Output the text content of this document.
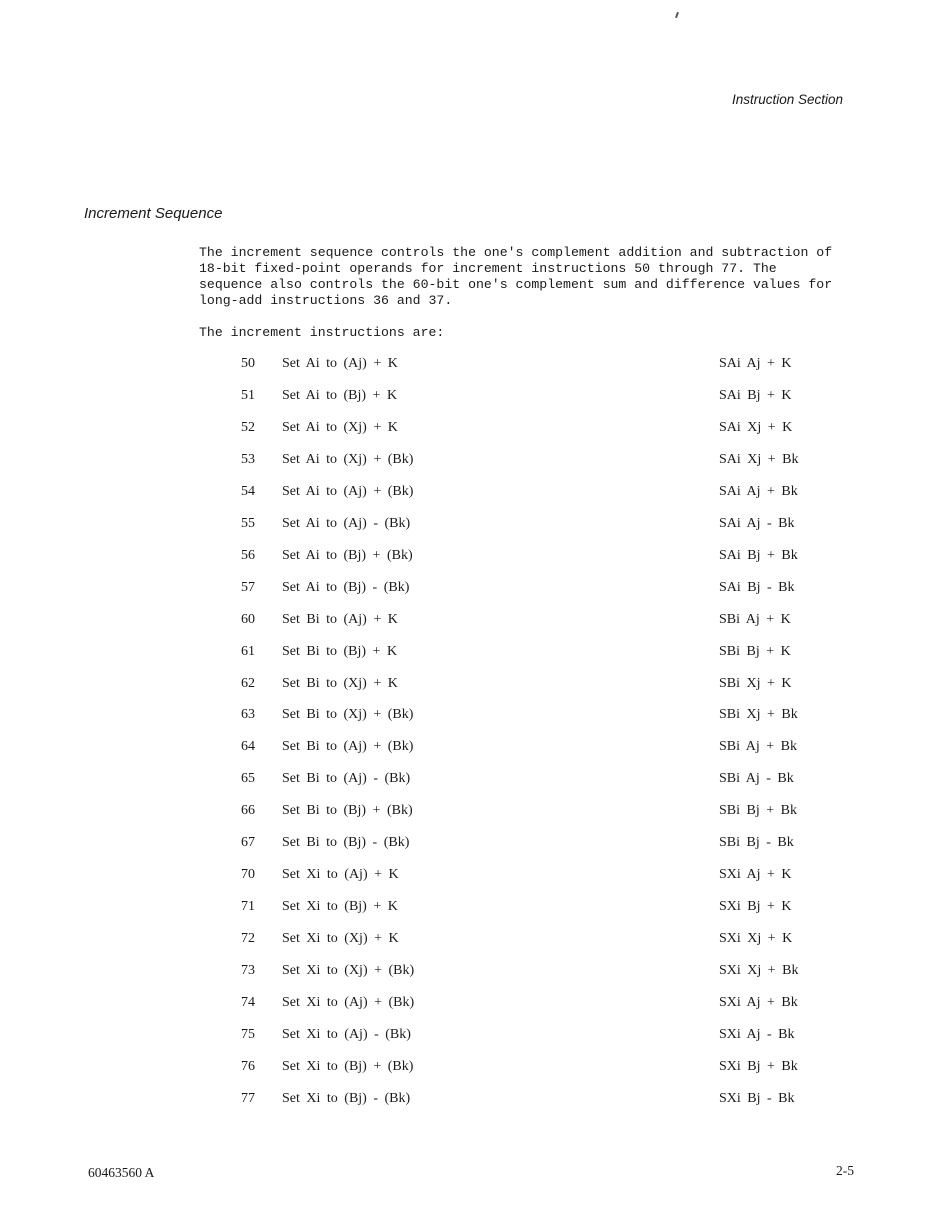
Instruction Section
Increment Sequence

The increment sequence controls the one's complement addition and subtraction of 18-bit fixed-point operands for increment instructions 50 through 77. The sequence also controls the 60-bit one's complement sum and difference values for long-add instructions 36 and 37.

The increment instructions are:
50 Set Ai to (Aj) + K	SAi Aj + K
51 Set Ai to (Bj) + K	SAi Bj + K
52 Set Ai to (Xj) + K	SAi Xj + K
53 Set Ai to (Xj) + (Bk)	SAi Xj + Bk
54 Set Ai to (Aj) + (Bk)	SAi Aj + Bk
55 Set Ai to (Aj) - (Bk)	SAi Aj - Bk
56 Set Ai to (Bj) + (Bk)	SAi Bj + Bk
57 Set Ai to (Bj) - (Bk)	SAi Bj - Bk
60 Set Bi to (Aj) + K	SBi Aj + K
61 Set Bi to (Bj) + K	SBi Bj + K
62 Set Bi to (Xj) + K	SBi Xj + K
63 Set Bi to (Xj) + (Bk)	SBi Xj + Bk
64 Set Bi to (Aj) + (Bk)	SBi Aj + Bk
65 Set Bi to (Aj) - (Bk)	SBi Aj - Bk
66 Set Bi to (Bj) + (Bk)	SBi Bj + Bk
67 Set Bi to (Bj) - (Bk)	SBi Bj - Bk
70 Set Xi to (Aj) + K	SXi Aj + K
71 Set Xi to (Bj) + K	SXi Bj + K
72 Set Xi to (Xj) + K	SXi Xj + K
73 Set Xi to (Xj) + (Bk)	SXi Xj + Bk
74 Set Xi to (Aj) + (Bk)	SXi Aj + Bk
75 Set Xi to (Aj) - (Bk)	SXi Aj - Bk
76 Set Xi to (Bj) + (Bk)	SXi Bj + Bk
77 Set Xi to (Bj) - (Bk)	SXi Bj - Bk
60463560 A	2-5
